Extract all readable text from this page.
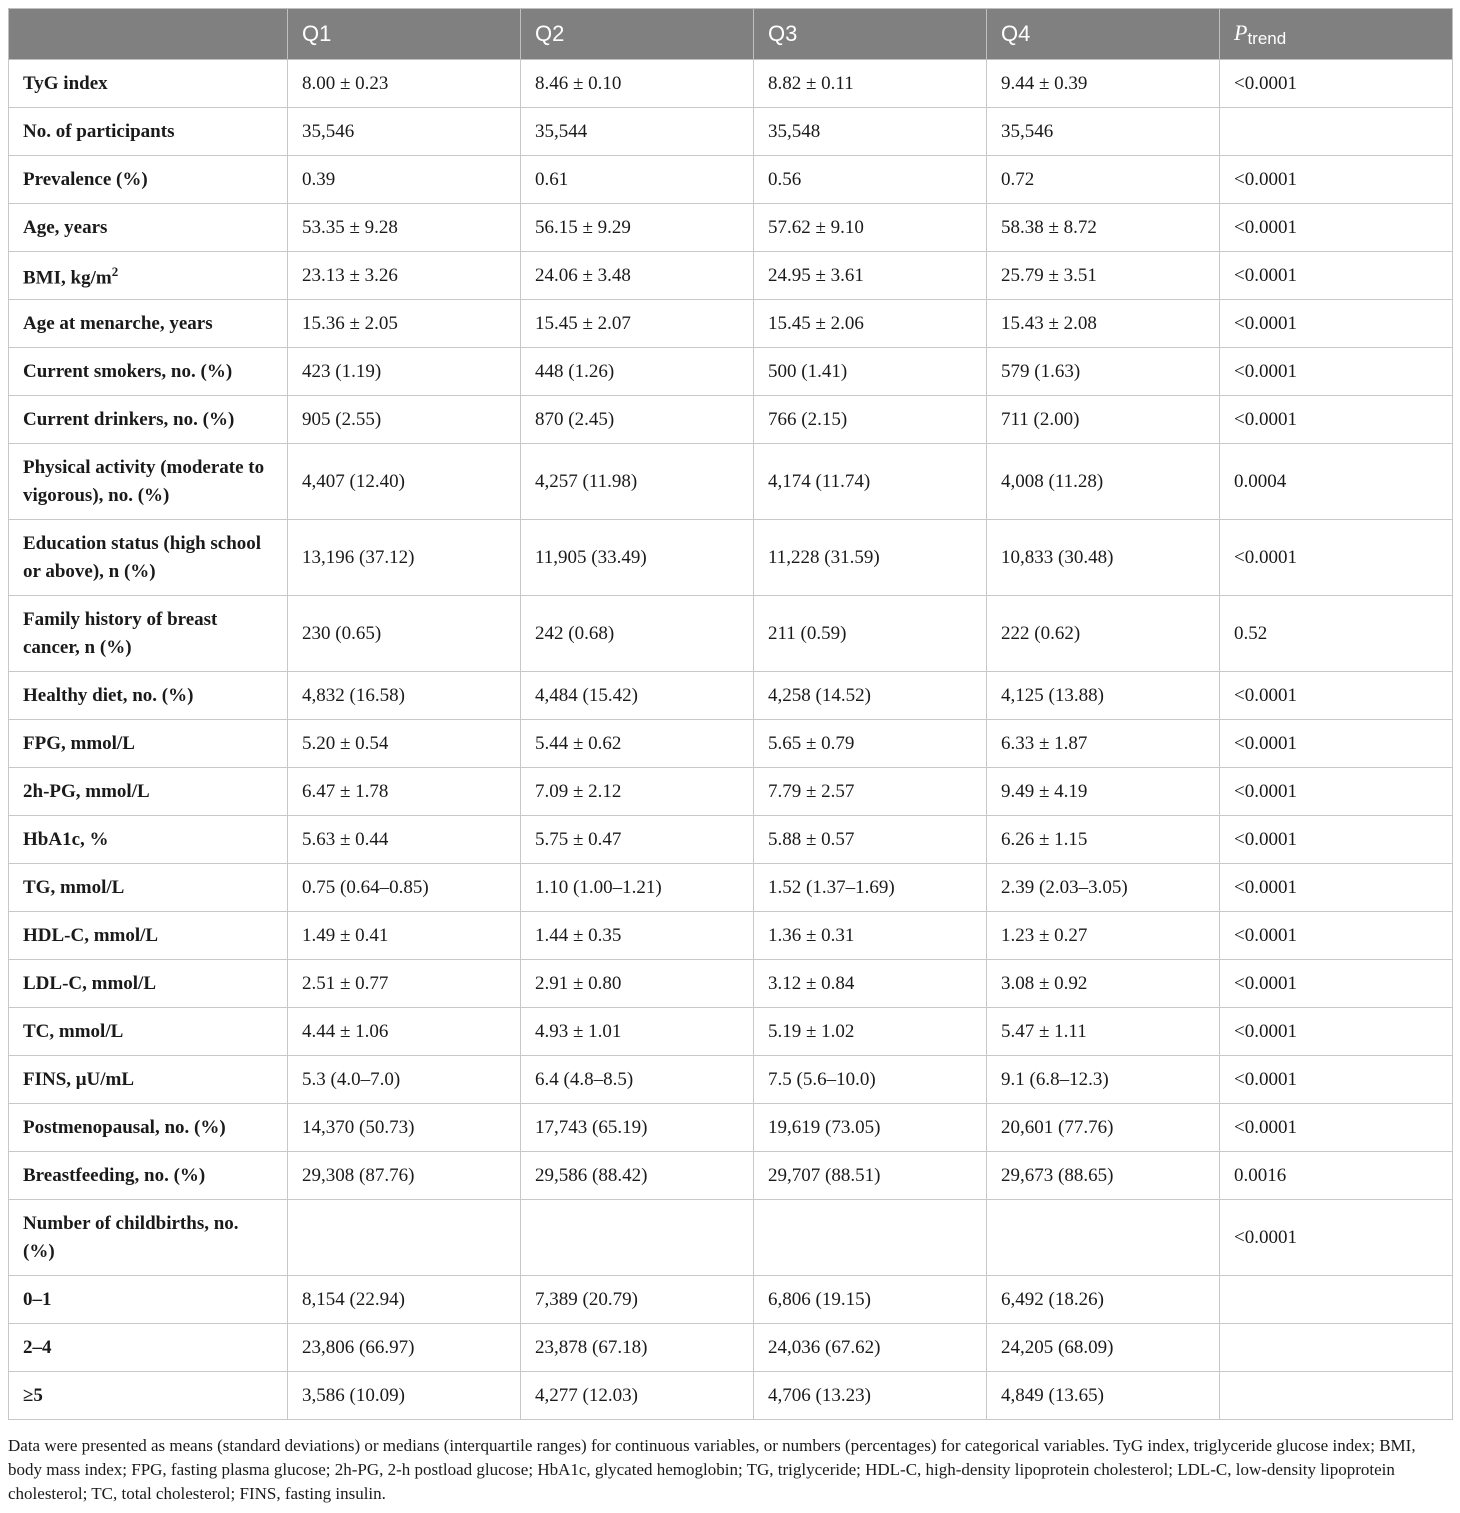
	Q1	Q2	Q3	Q4	$P_{trend}$
TyG index	8.00 ± 0.23	8.46 ± 0.10	8.82 ± 0.11	9.44 ± 0.39	<0.0001
No. of participants	35,546	35,544	35,548	35,546	
Prevalence (%)	0.39	0.61	0.56	0.72	<0.0001
Age, years	53.35 ± 9.28	56.15 ± 9.29	57.62 ± 9.10	58.38 ± 8.72	<0.0001
BMI, $kg/m^2$	23.13 ± 3.26	24.06 ± 3.48	24.95 ± 3.61	25.79 ± 3.51	<0.0001
Age at menarche, years	15.36 ± 2.05	15.45 ± 2.07	15.45 ± 2.06	15.43 ± 2.08	<0.0001
Current smokers, no. (%)	423 (1.19)	448 (1.26)	500 (1.41)	579 (1.63)	<0.0001
Current drinkers, no. (%)	905 (2.55)	870 (2.45)	766 (2.15)	711 (2.00)	<0.0001
Physical activity (moderate to vigorous), no. (%)	4,407 (12.40)	4,257 (11.98)	4,174 (11.74)	4,008 (11.28)	0.0004
Education status (high school or above), n (%)	13,196 (37.12)	11,905 (33.49)	11,228 (31.59)	10,833 (30.48)	<0.0001
Family history of breast cancer, n (%)	230 (0.65)	242 (0.68)	211 (0.59)	222 (0.62)	0.52
Healthy diet, no. (%)	4,832 (16.58)	4,484 (15.42)	4,258 (14.52)	4,125 (13.88)	<0.0001
FPG, mmol/L	5.20 ± 0.54	5.44 ± 0.62	5.65 ± 0.79	6.33 ± 1.87	<0.0001
2h-PG, mmol/L	6.47 ± 1.78	7.09 ± 2.12	7.79 ± 2.57	9.49 ± 4.19	<0.0001
HbA1c, %	5.63 ± 0.44	5.75 ± 0.47	5.88 ± 0.57	6.26 ± 1.15	<0.0001
TG, mmol/L	0.75 (0.64–0.85)	1.10 (1.00–1.21)	1.52 (1.37–1.69)	2.39 (2.03–3.05)	<0.0001
HDL-C, mmol/L	1.49 ± 0.41	1.44 ± 0.35	1.36 ± 0.31	1.23 ± 0.27	<0.0001
LDL-C, mmol/L	2.51 ± 0.77	2.91 ± 0.80	3.12 ± 0.84	3.08 ± 0.92	<0.0001
TC, mmol/L	4.44 ± 1.06	4.93 ± 1.01	5.19 ± 1.02	5.47 ± 1.11	<0.0001
FINS, μU/mL	5.3 (4.0–7.0)	6.4 (4.8–8.5)	7.5 (5.6–10.0)	9.1 (6.8–12.3)	<0.0001
Postmenopausal, no. (%)	14,370 (50.73)	17,743 (65.19)	19,619 (73.05)	20,601 (77.76)	<0.0001
Breastfeeding, no. (%)	29,308 (87.76)	29,586 (88.42)	29,707 (88.51)	29,673 (88.65)	0.0016
Number of childbirths, no. (%)					<0.0001
0–1	8,154 (22.94)	7,389 (20.79)	6,806 (19.15)	6,492 (18.26)	
2–4	23,806 (66.97)	23,878 (67.18)	24,036 (67.62)	24,205 (68.09)	
≥5	3,586 (10.09)	4,277 (12.03)	4,706 (13.23)	4,849 (13.65)	
Data were presented as means (standard deviations) or medians (interquartile ranges) for continuous variables, or numbers (percentages) for categorical variables. TyG index, triglyceride glucose index; BMI, body mass index; FPG, fasting plasma glucose; 2h-PG, 2-h postload glucose; HbA1c, glycated hemoglobin; TG, triglyceride; HDL-C, high-density lipoprotein cholesterol; LDL-C, low-density lipoprotein cholesterol; TC, total cholesterol; FINS, fasting insulin.
